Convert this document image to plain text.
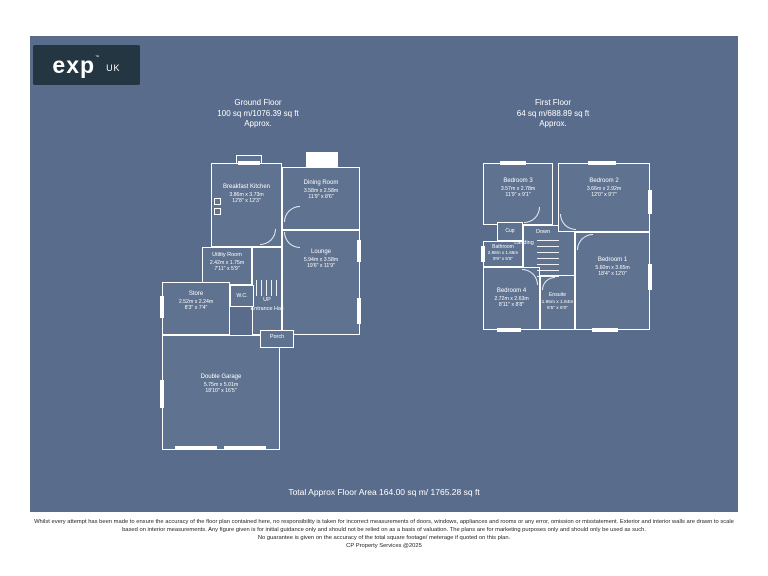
exp ™
UK
Ground Floor
100 sq m/1076.39 sq ft
Approx.
First Floor
64 sq m/688.89 sq ft
Approx.
Breakfast Kitchen
3.86m x 3.73m
12'8" x 12'3"
Dining Room
3.58m x 2.58m
11'9" x 8'6"
Utility Room
2.42m x 1.75m
7'11" x 5'9"
Lounge
5.94m x 3.58m
19'6" x 11'9"
W.C.
Store
2.52m x 2.24m
8'3" x 7'4"
Double Garage
5.75m x 5.01m
18'10" x 16'5"
Porch
UP
Entrance Hall
Bedroom 3
3.57m x 2.78m
11'9" x 9'1"
Bedroom 2
3.66m x 2.92m
12'0" x 9'7"
Cup
Bathroom
2.98m x 1.66m
9'9" x 5'5"	Bedroom 1
5.60m x 3.65m
18'4" x 12'0"
Bedroom 4
2.72m x 2.63m
8'11" x 8'8"
Ensuite
1.95m x 1.84m
6'5" x 6'0"
Down
Landing
Total Approx Floor Area 164.00 sq m/ 1765.28 sq ft
Whilst every attempt has been made to ensure the accuracy of the floor plan contained here, no responsibility is taken for incorrect measurements of doors, windows, appliances and rooms or any error, omission or misstatement. Exterior and interior walls are drawn to scale
based on interior measurements. Any figure given is for initial guidance only and should not be relied on as a basis of valuation. The plans are for marketing purposes only and should only be used as such.
No guarantee is given on the accuracy of the total square footage/ meterage if quoted on this plan.
CP Property Services @2025
